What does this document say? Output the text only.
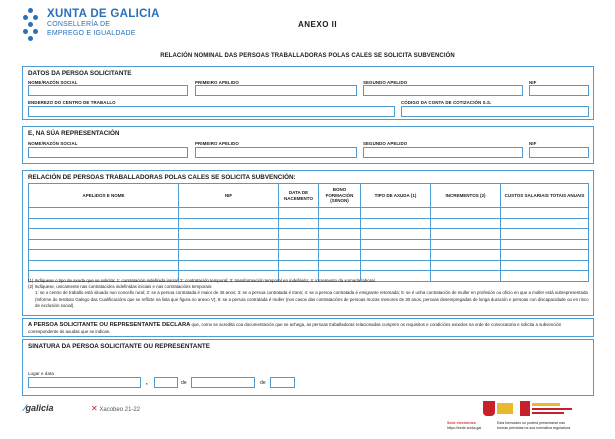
XUNTA DE GALICIA
CONSELLERÍA DE
EMPREGO E IGUALDADE
ANEXO II
RELACIÓN NOMINAL DAS PERSOAS TRABALLADORAS POLAS CALES SE SOLICITA SUBVENCIÓN
DATOS DA PERSOA SOLICITANTE
NOME/RAZÓN SOCIAL	PRIMEIRO APELIDO	SEGUNDO APELIDO	NIF
ENDEREZO DO CENTRO DE TRABALLO	CÓDIGO DA CONTA DE COTIZACIÓN S.S.
E, NA SÚA REPRESENTACIÓN
NOME/RAZÓN SOCIAL	PRIMEIRO APELIDO	SEGUNDO APELIDO	NIF
RELACIÓN DE PERSOAS TRABALLADORAS POLAS CALES SE SOLICITA SUBVENCIÓN:
APELIDOS E NOME	NIF	DATA DE NACEMENTO	BONO FORMACIÓN (SI/NON)	TIPO DE AXUDA (1)	INCREMENTOS (2)	CUSTOS SALARIAIS TOTAIS ANUAIS

(1) Indíquese o tipo de axuda que se solicita: 1: contratación indefinida inicial; 2: contratación temporal; 3: transformación temporal en indefinido; 4: incremento da xornada laboral.
(2) Indíquese, unicamente nas contratacións indefinidas iniciais e nas contratacións temporais:
1: se o centro de traballo está situado nun concello rural; 2: se a persoa contratada é maior de 45 anos; 3: se a persoa contratada é trans; 4: se a persoa contratada é emigrante retornada; 5: se é unha contratación de muller en profesión ou oficio en que a muller está subrepresentada (Informe do Instituto Galego das Cualificacións que se reflicte na lista que figura no anexo V); 6: se a persoa contratada é muller (nos casos das contratacións de persoas mozas menores de 30 anos, persoas desempregadas de longa duración e persoas con discapacidade ou en risco de exclusión social).
A PERSOA SOLICITANTE OU REPRESENTANTE DECLARA que, como se acredita coa documentación que se achega, as persoas traballadoras relacionadas cumpren os requisitos e condicións exixidos na orde de convocatoria e solicita a subvención correspondente ás axudas que se indican.
SINATURA DA PERSOA SOLICITANTE OU REPRESENTANTE
Lugar e data
,	de	de
⁄galicia	✕ Xacobeo 21-22
Sede electrónica	Esta formulario só poderá presentarse nas
https://sede.xunta.gal	formas previstas na súa normativa reguladora
